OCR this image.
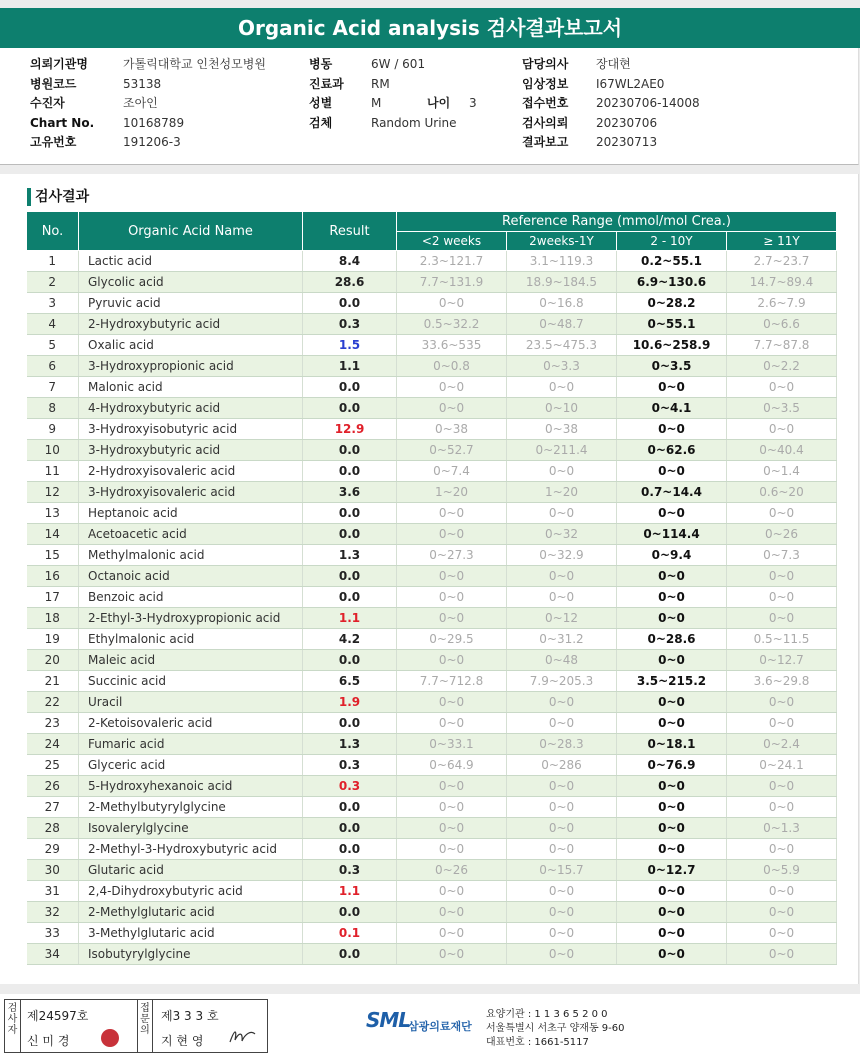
Organic Acid analysis 검사결과보고서
의뢰기관명	가톨릭대학교 인천성모병원
병원코드	53138
수진자	조아인
Chart No. 10168789
고유번호	191206-3
병동	6W / 601
진료과 RM
성별	M	나이 3
검체	Random Urine
담당의사 장대현
임상정보 I67WL2AE0
접수번호 20230706-14008
검사의뢰 20230706
결과보고 20230713
검사결과
No.	Organic Acid Name	Result	Reference Range (mmol/mol Crea.)			
			<2 weeks	2weeks-1Y	2 - 10Y	≥ 11Y
1	Lactic acid	8.4	2.3~121.7	3.1~119.3	0.2~55.1	2.7~23.7
2	Glycolic acid	28.6	7.7~131.9	18.9~184.5	6.9~130.6	14.7~89.4
3	Pyruvic acid	0.0	0~0	0~16.8	0~28.2	2.6~7.9
4	2-Hydroxybutyric acid	0.3	0.5~32.2	0~48.7	0~55.1	0~6.6
5	Oxalic acid	1.5	33.6~535	23.5~475.3	10.6~258.9	7.7~87.8
6	3-Hydroxypropionic acid	1.1	0~0.8	0~3.3	0~3.5	0~2.2
7	Malonic acid	0.0	0~0	0~0	0~0	0~0
8	4-Hydroxybutyric acid	0.0	0~0	0~10	0~4.1	0~3.5
9	3-Hydroxyisobutyric acid	12.9	0~38	0~38	0~0	0~0
10	3-Hydroxybutyric acid	0.0	0~52.7	0~211.4	0~62.6	0~40.4
11	2-Hydroxyisovaleric acid	0.0	0~7.4	0~0	0~0	0~1.4
12	3-Hydroxyisovaleric acid	3.6	1~20	1~20	0.7~14.4	0.6~20
13	Heptanoic acid	0.0	0~0	0~0	0~0	0~0
14	Acetoacetic acid	0.0	0~0	0~32	0~114.4	0~26
15	Methylmalonic acid	1.3	0~27.3	0~32.9	0~9.4	0~7.3
16	Octanoic acid	0.0	0~0	0~0	0~0	0~0
17	Benzoic acid	0.0	0~0	0~0	0~0	0~0
18	2-Ethyl-3-Hydroxypropionic acid	1.1	0~0	0~12	0~0	0~0
19	Ethylmalonic acid	4.2	0~29.5	0~31.2	0~28.6	0.5~11.5
20	Maleic acid	0.0	0~0	0~48	0~0	0~12.7
21	Succinic acid	6.5	7.7~712.8	7.9~205.3	3.5~215.2	3.6~29.8
22	Uracil	1.9	0~0	0~0	0~0	0~0
23	2-Ketoisovaleric acid	0.0	0~0	0~0	0~0	0~0
24	Fumaric acid	1.3	0~33.1	0~28.3	0~18.1	0~2.4
25	Glyceric acid	0.3	0~64.9	0~286	0~76.9	0~24.1
26	5-Hydroxyhexanoic acid	0.3	0~0	0~0	0~0	0~0
27	2-Methylbutyrylglycine	0.0	0~0	0~0	0~0	0~0
28	Isovalerylglycine	0.0	0~0	0~0	0~0	0~1.3
29	2-Methyl-3-Hydroxybutyric acid	0.0	0~0	0~0	0~0	0~0
30	Glutaric acid	0.3	0~26	0~15.7	0~12.7	0~5.9
31	2,4-Dihydroxybutyric acid	1.1	0~0	0~0	0~0	0~0
32	2-Methylglutaric acid	0.0	0~0	0~0	0~0	0~0
33	3-Methylglutaric acid	0.1	0~0	0~0	0~0	0~0
34	Isobutyrylglycine	0.0	0~0	0~0	0~0	0~0
검
사
자
제24597호
신 미 경
접
문
의
제3 3 3 호
지 현 영
SML
삼광의료재단
요양기관 : 1 1 3 6 5 2 0 0
서울특별시 서초구 양재동 9-60
대표번호 : 1661-5117
